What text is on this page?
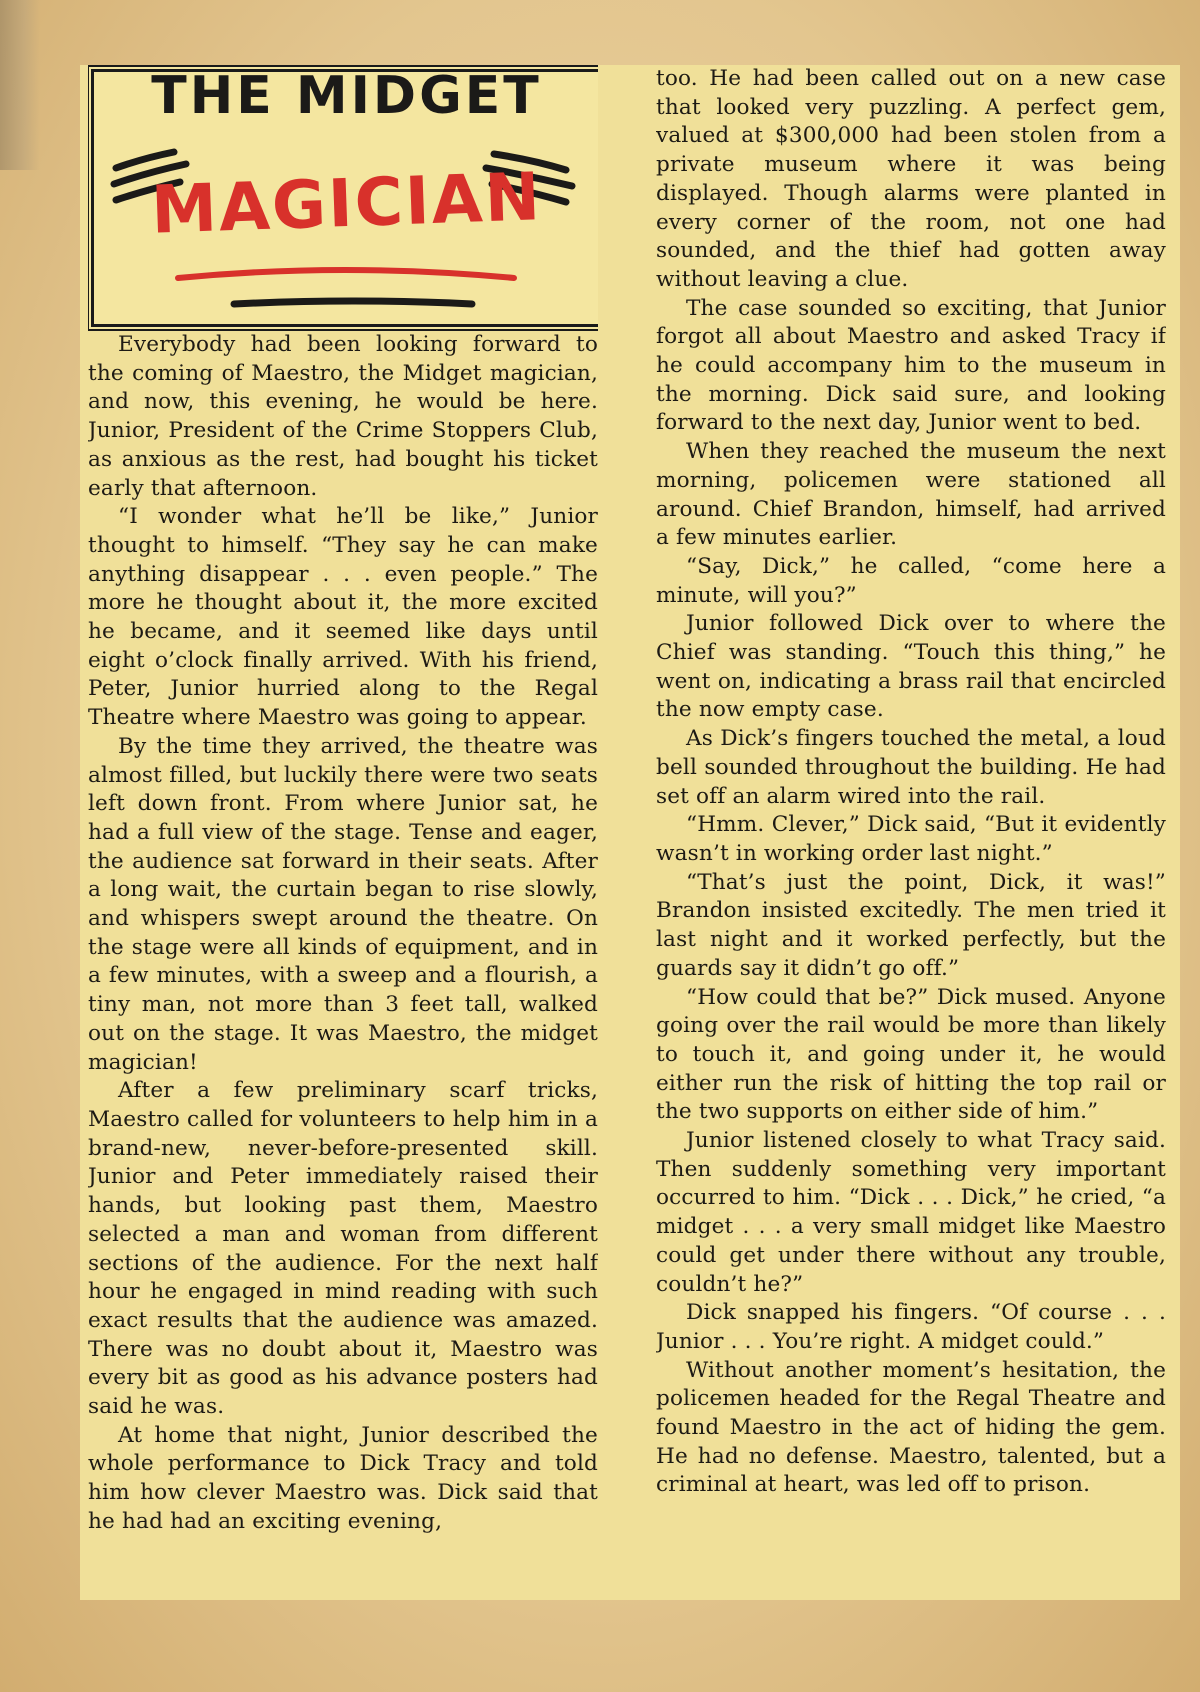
THE MIDGET
MAGICIAN

Everybody had been looking forward to the coming of Maestro, the Midget magician, and now, this evening, he would be here. Junior, President of the Crime Stoppers Club, as anxious as the rest, had bought his ticket early that afternoon.

“I wonder what he’ll be like,” Junior thought to himself. “They say he can make anything disappear . . . even people.” The more he thought about it, the more excited he became, and it seemed like days until eight o’clock finally arrived. With his friend, Peter, Junior hurried along to the Regal Theatre where Maestro was going to appear.

By the time they arrived, the theatre was almost filled, but luckily there were two seats left down front. From where Junior sat, he had a full view of the stage. Tense and eager, the audience sat forward in their seats. After a long wait, the curtain began to rise slowly, and whispers swept around the theatre. On the stage were all kinds of equipment, and in a few minutes, with a sweep and a flourish, a tiny man, not more than 3 feet tall, walked out on the stage. It was Maestro, the midget magician!

After a few preliminary scarf tricks, Maestro called for volunteers to help him in a brand-new, never-before-presented skill. Junior and Peter immediately raised their hands, but looking past them, Maestro selected a man and woman from different sections of the audience. For the next half hour he engaged in mind reading with such exact results that the audience was amazed. There was no doubt about it, Maestro was every bit as good as his advance posters had said he was.

At home that night, Junior described the whole performance to Dick Tracy and told him how clever Maestro was. Dick said that he had had an exciting evening,

too. He had been called out on a new case that looked very puzzling. A perfect gem, valued at $300,000 had been stolen from a private museum where it was being displayed. Though alarms were planted in every corner of the room, not one had sounded, and the thief had gotten away without leaving a clue.

The case sounded so exciting, that Junior forgot all about Maestro and asked Tracy if he could accompany him to the museum in the morning. Dick said sure, and looking forward to the next day, Junior went to bed.

When they reached the museum the next morning, policemen were stationed all around. Chief Brandon, himself, had arrived a few minutes earlier.

“Say, Dick,” he called, “come here a minute, will you?”

Junior followed Dick over to where the Chief was standing. “Touch this thing,” he went on, indicating a brass rail that encircled the now empty case.

As Dick’s fingers touched the metal, a loud bell sounded throughout the building. He had set off an alarm wired into the rail.

“Hmm. Clever,” Dick said, “But it evidently wasn’t in working order last night.”

“That’s just the point, Dick, it was!” Brandon insisted excitedly. The men tried it last night and it worked perfectly, but the guards say it didn’t go off.”

“How could that be?” Dick mused. Anyone going over the rail would be more than likely to touch it, and going under it, he would either run the risk of hitting the top rail or the two supports on either side of him.”

Junior listened closely to what Tracy said. Then suddenly something very important occurred to him. “Dick . . . Dick,” he cried, “a midget . . . a very small midget like Maestro could get under there without any trouble, couldn’t he?”

Dick snapped his fingers. “Of course . . . Junior . . . You’re right. A midget could.”

Without another moment’s hesitation, the policemen headed for the Regal Theatre and found Maestro in the act of hiding the gem. He had no defense. Maestro, talented, but a criminal at heart, was led off to prison.
